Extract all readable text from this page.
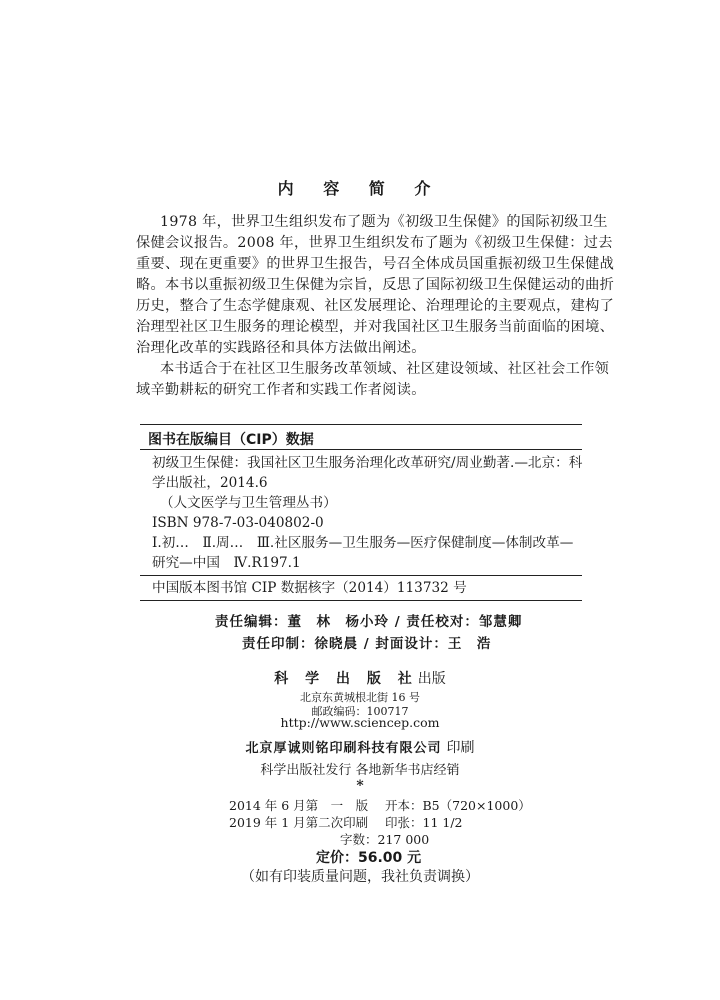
内 容 简 介
1978 年，世界卫生组织发布了题为《初级卫生保健》的国际初级卫生
保健会议报告。2008 年，世界卫生组织发布了题为《初级卫生保健：过去
重要、现在更重要》的世界卫生报告，号召全体成员国重振初级卫生保健战
略。本书以重振初级卫生保健为宗旨，反思了国际初级卫生保健运动的曲折
历史，整合了生态学健康观、社区发展理论、治理理论的主要观点，建构了
治理型社区卫生服务的理论模型，并对我国社区卫生服务当前面临的困境、
治理化改革的实践路径和具体方法做出阐述。
本书适合于在社区卫生服务改革领域、社区建设领域、社区社会工作领
域辛勤耕耘的研究工作者和实践工作者阅读。
图书在版编目（CIP）数据
初级卫生保健：我国社区卫生服务治理化改革研究/周业勤著.—北京：科
学出版社，2014.6
（人文医学与卫生管理丛书）
ISBN 978-7-03-040802-0
Ⅰ.初…　Ⅱ.周…　Ⅲ.社区服务—卫生服务—医疗保健制度—体制改革—
研究—中国　Ⅳ.R197.1
中国版本图书馆 CIP 数据核字（2014）113732 号
责任编辑：董　林　杨小玲 / 责任校对：邹慧卿
责任印制：徐晓晨 / 封面设计：王　浩
科 学 出 版 社出版
北京东黄城根北街 16 号
邮政编码：100717
http://www.sciencep.com
北京厚诚则铭印刷科技有限公司 印刷
科学出版社发行 各地新华书店经销
*
2014 年 6 月第　一　版 开本：B5（720×1000）
2019 年 1 月第二次印刷 印张：11 1/2
字数：217 000
定价：56.00 元
（如有印装质量问题，我社负责调换）
